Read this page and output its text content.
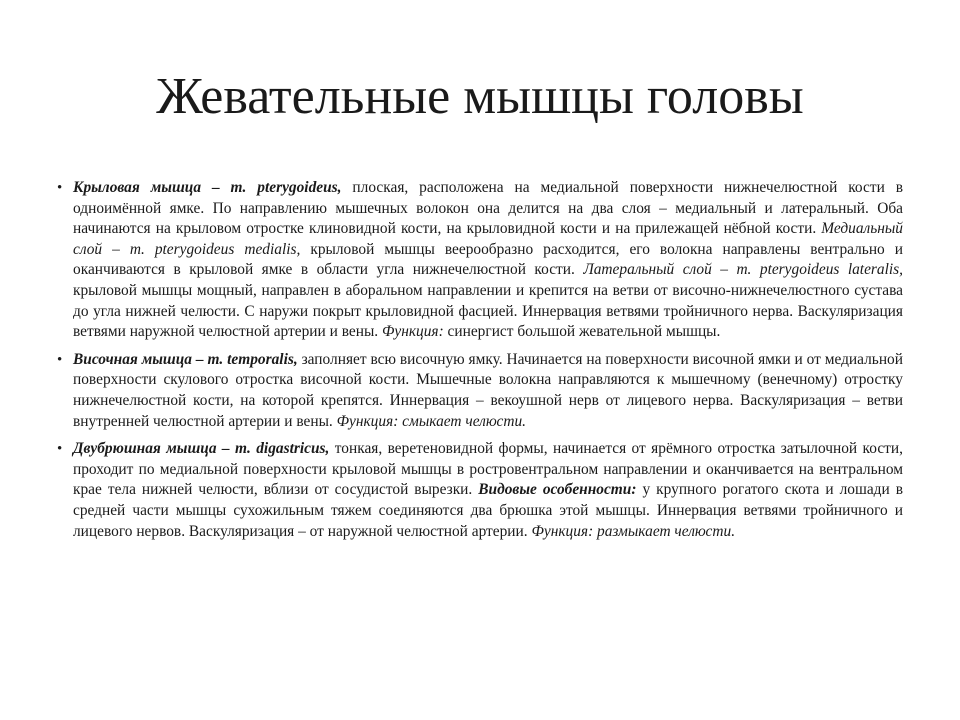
Жевательные мышцы головы
• Крыловая мышца – m. pterygoideus, плоская, расположена на медиальной поверхности нижнечелюстной кости в одноимённой ямке. По направлению мышечных волокон она делится на два слоя – медиальный и латеральный. Оба начинаются на крыловом отростке клиновидной кости, на крыловидной кости и на прилежащей нёбной кости. Медиальный слой – m. pterygoideus medialis, крыловой мышцы веерообразно расходится, его волокна направлены вентрально и оканчиваются в крыловой ямке в области угла нижнечелюстной кости. Латеральный слой – m. pterygoideus lateralis, крыловой мышцы мощный, направлен в аборальном направлении и крепится на ветви от височно-нижнечелюстного сустава до угла нижней челюсти. С наружи покрыт крыловидной фасцией. Иннервация ветвями тройничного нерва. Васкуляризация ветвями наружной челюстной артерии и вены. Функция: синергист большой жевательной мышцы.
• Височная мышца – m. temporalis, заполняет всю височную ямку. Начинается на поверхности височной ямки и от медиальной поверхности скулового отростка височной кости. Мышечные волокна направляются к мышечному (венечному) отростку нижнечелюстной кости, на которой крепятся. Иннервация – векоушной нерв от лицевого нерва. Васкуляризация – ветви внутренней челюстной артерии и вены. Функция: смыкает челюсти.
• Двубрюшная мышца – m. digastricus, тонкая, веретеновидной формы, начинается от ярёмного отростка затылочной кости, проходит по медиальной поверхности крыловой мышцы в ростровентральном направлении и оканчивается на вентральном крае тела нижней челюсти, вблизи от сосудистой вырезки. Видовые особенности: у крупного рогатого скота и лошади в средней части мышцы сухожильным тяжем соединяются два брюшка этой мышцы. Иннервация ветвями тройничного и лицевого нервов. Васкуляризация – от наружной челюстной артерии. Функция: размыкает челюсти.
